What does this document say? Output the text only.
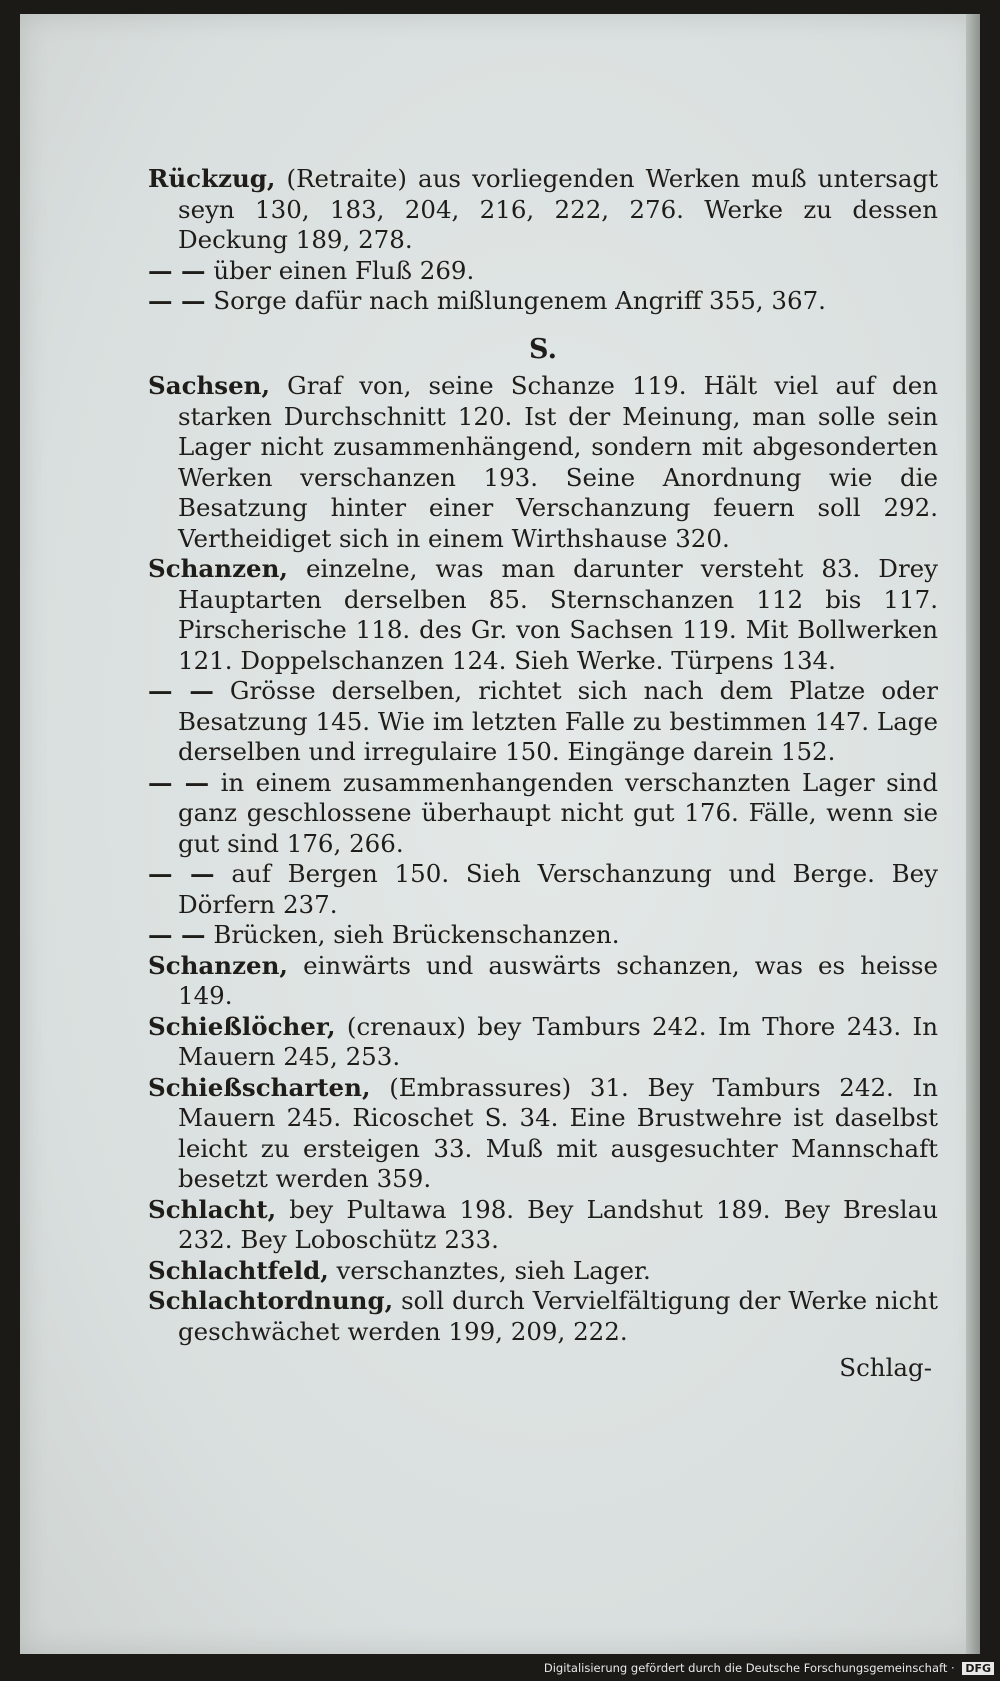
Rückzug, (Retraite) aus vorliegenden Werken muß untersagt seyn 130, 183, 204, 216, 222, 276. Werke zu dessen Deckung 189, 278.

— — über einen Fluß 269.

— — Sorge dafür nach mißlungenem Angriff 355, 367.

S.

Sachsen, Graf von, seine Schanze 119. Hält viel auf den starken Durchschnitt 120. Ist der Meinung, man solle sein Lager nicht zusammenhängend, sondern mit abgesonderten Werken verschanzen 193. Seine Anordnung wie die Besatzung hinter einer Verschanzung feuern soll 292. Vertheidiget sich in einem Wirthshause 320.

Schanzen, einzelne, was man darunter versteht 83. Drey Hauptarten derselben 85. Sternschanzen 112 bis 117. Pirscherische 118. des Gr. von Sachsen 119. Mit Bollwerken 121. Doppelschanzen 124. Sieh Werke. Türpens 134.

— — Grösse derselben, richtet sich nach dem Platze oder Besatzung 145. Wie im letzten Falle zu bestimmen 147. Lage derselben und irregulaire 150. Eingänge darein 152.

— — in einem zusammenhangenden verschanzten Lager sind ganz geschlossene überhaupt nicht gut 176. Fälle, wenn sie gut sind 176, 266.

— — auf Bergen 150. Sieh Verschanzung und Berge. Bey Dörfern 237.

— — Brücken, sieh Brückenschanzen.

Schanzen, einwärts und auswärts schanzen, was es heisse 149.

Schießlöcher, (crenaux) bey Tamburs 242. Im Thore 243. In Mauern 245, 253.

Schießscharten, (Embrassures) 31. Bey Tamburs 242. In Mauern 245. Ricoschet S. 34. Eine Brustwehre ist daselbst leicht zu ersteigen 33. Muß mit ausgesuchter Mannschaft besetzt werden 359.

Schlacht, bey Pultawa 198. Bey Landshut 189. Bey Breslau 232. Bey Loboschütz 233.

Schlachtfeld, verschanztes, sieh Lager.

Schlachtordnung, soll durch Vervielfältigung der Werke nicht geschwächet werden 199, 209, 222.

Schlag-
Digitalisierung gefördert durch die Deutsche Forschungsgemeinschaft · DFG
